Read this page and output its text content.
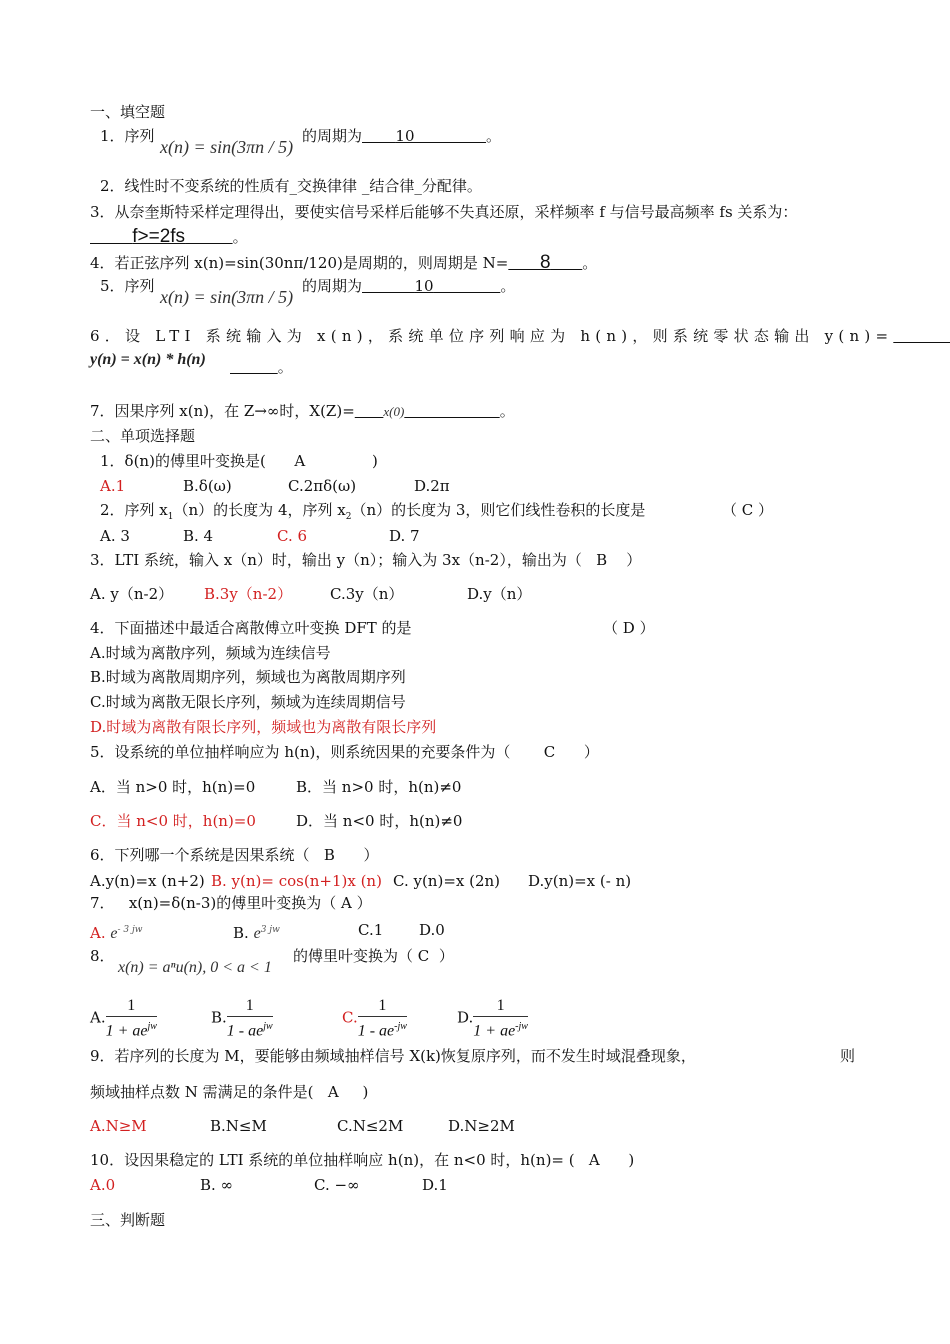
一、填空题
1．序列
x(n) = sin(3πn / 5)
的周期为 10	。
2．线性时不变系统的性质有_交换律律 _结合律_分配律。
3．从奈奎斯特采样定理得出，要使实信号采样后能够不失真还原，采样频率 f 与信号最高频率 fs 关系为：
f>=2fs	。
4．若正弦序列 x(n)=sin(30nπ/120)是周期的，则周期是 N= 8 。
5．序列
x(n) = sin(3πn / 5)
的周期为	10	。
6．设 LTI 系统输入为 x(n)，系统单位序列响应为 h(n)，则系统零状态输出 y(n)=
y(n) = x(n) * h(n)	。
7．因果序列 x(n)，在 Z→∞时，X(Z)= x(0)	。
二、单项选择题
1．δ(n)的傅里叶变换是( A	)
A.1	B.δ(ω)	C.2πδ(ω)	D.2π
2．序列 $x_1(n)$的长度为 4，序列 $x_2(n)$的长度为 3，则它们线性卷积的长度是	（ C ）
A. 3	B. 4	C. 6	D. 7
3．LTI 系统，输入 x（n）时，输出 y（n）；输入为 3x（n-2），输出为（ B ）
A. y（n-2） B.3y（n-2）	C.3y（n）	D.y（n）
4．下面描述中最适合离散傅立叶变换 DFT 的是	（ D ）
A.时域为离散序列，频域为连续信号
B.时域为离散周期序列，频域也为离散周期序列
C.时域为离散无限长序列，频域为连续周期信号
D.时域为离散有限长序列，频域也为离散有限长序列
5．设系统的单位抽样响应为 h(n)，则系统因果的充要条件为（ C ）
A．当 n>0 时，h(n)=0	B．当 n>0 时，h(n)≠0
C．当 n<0 时，h(n)=0	D．当 n<0 时，h(n)≠0
6．下列哪一个系统是因果系统（ B ）
A.y(n)=x (n+2) B. y(n)= cos(n+1)x (n) C. y(n)=x (2n) D.y(n)=x (- n)
7．   x(n)=δ(n-3)的傅里叶变换为（ A ）
A. $e^{- 3 jw}$	B. $e^{3 jw}$	C.1 D.0
8．
x(n) = aⁿu(n), 0 < a < 1
的傅里叶变换为（ C ）
A. $\frac{1}{1 + ae^{jw}}$	B. $\frac{1}{1 - ae^{jw}}$	C. $\frac{1}{1 - ae^{-jw}}$	D. $\frac{1}{1 + ae^{-jw}}$
9．若序列的长度为 M，要能够由频域抽样信号 X(k)恢复原序列，而不发生时域混叠现象，	则
频域抽样点数 N 需满足的条件是( A )
A.N≥M	B.N≤M	C.N≤2M	D.N≥2M
10．设因果稳定的 LTI 系统的单位抽样响应 h(n)，在 n<0 时，h(n)= ( A )
A.0	B. ∞	C. −∞	D.1
三、判断题
